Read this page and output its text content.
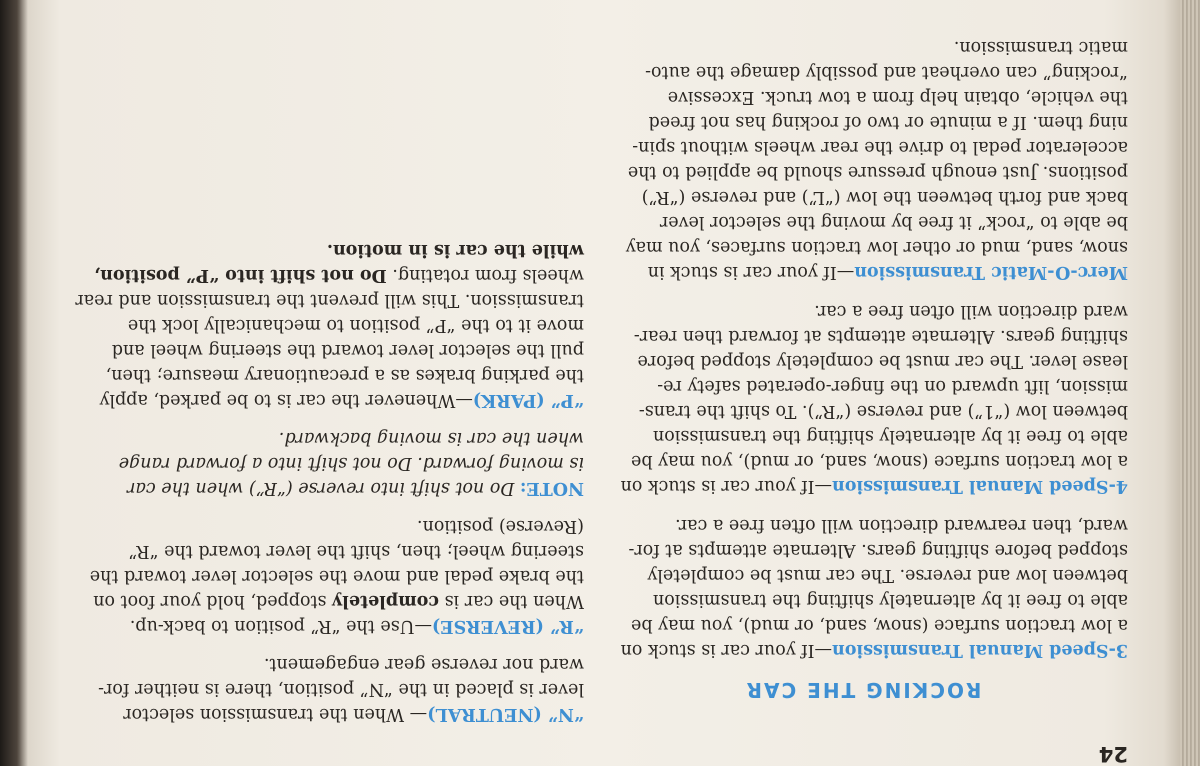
24
ROCKING THE CAR
3-Speed Manual Transmission—If your car is stuck on
a low traction surface (snow, sand, or mud), you may be
able to free it by alternately shifting the transmission
between low and reverse. The car must be completely
stopped before shifting gears. Alternate attempts at for-
ward, then rearward direction will often free a car.
4-Speed Manual Transmission—If your car is stuck on
a low traction surface (snow, sand, or mud), you may be
able to free it by alternately shifting the transmission
between low (“1”) and reverse (“R”). To shift the trans-
mission, lift upward on the finger-operated safety re-
lease lever. The car must be completely stopped before
shifting gears. Alternate attempts at forward then rear-
ward direction will often free a car.
Merc-O-Matic Transmission—If your car is stuck in
snow, sand, mud or other low traction surfaces, you may
be able to “rock” it free by moving the selector lever
back and forth between the low (“L”) and reverse (“R”)
positions. Just enough pressure should be applied to the
accelerator pedal to drive the rear wheels without spin-
ning them. If a minute or two of rocking has not freed
the vehicle, obtain help from a tow truck. Excessive
“rocking” can overheat and possibly damage the auto-
matic transmission.
“N” (NEUTRAL)— When the transmission selector
lever is placed in the “N” position, there is neither for-
ward nor reverse gear engagement.
“R” (REVERSE)—Use the “R” position to back-up.
When the car is completely stopped, hold your foot on
the brake pedal and move the selector lever toward the
steering wheel; then, shift the lever toward the “R”
(Reverse) position.
NOTE: Do not shift into reverse (“R”) when the car
is moving forward. Do not shift into a forward range
when the car is moving backward.
“P” (PARK)—Whenever the car is to be parked, apply
the parking brakes as a precautionary measure; then,
pull the selector lever toward the steering wheel and
move it to the “P” position to mechanically lock the
transmission. This will prevent the transmission and rear
wheels from rotating. Do not shift into “P” position,
while the car is in motion.
